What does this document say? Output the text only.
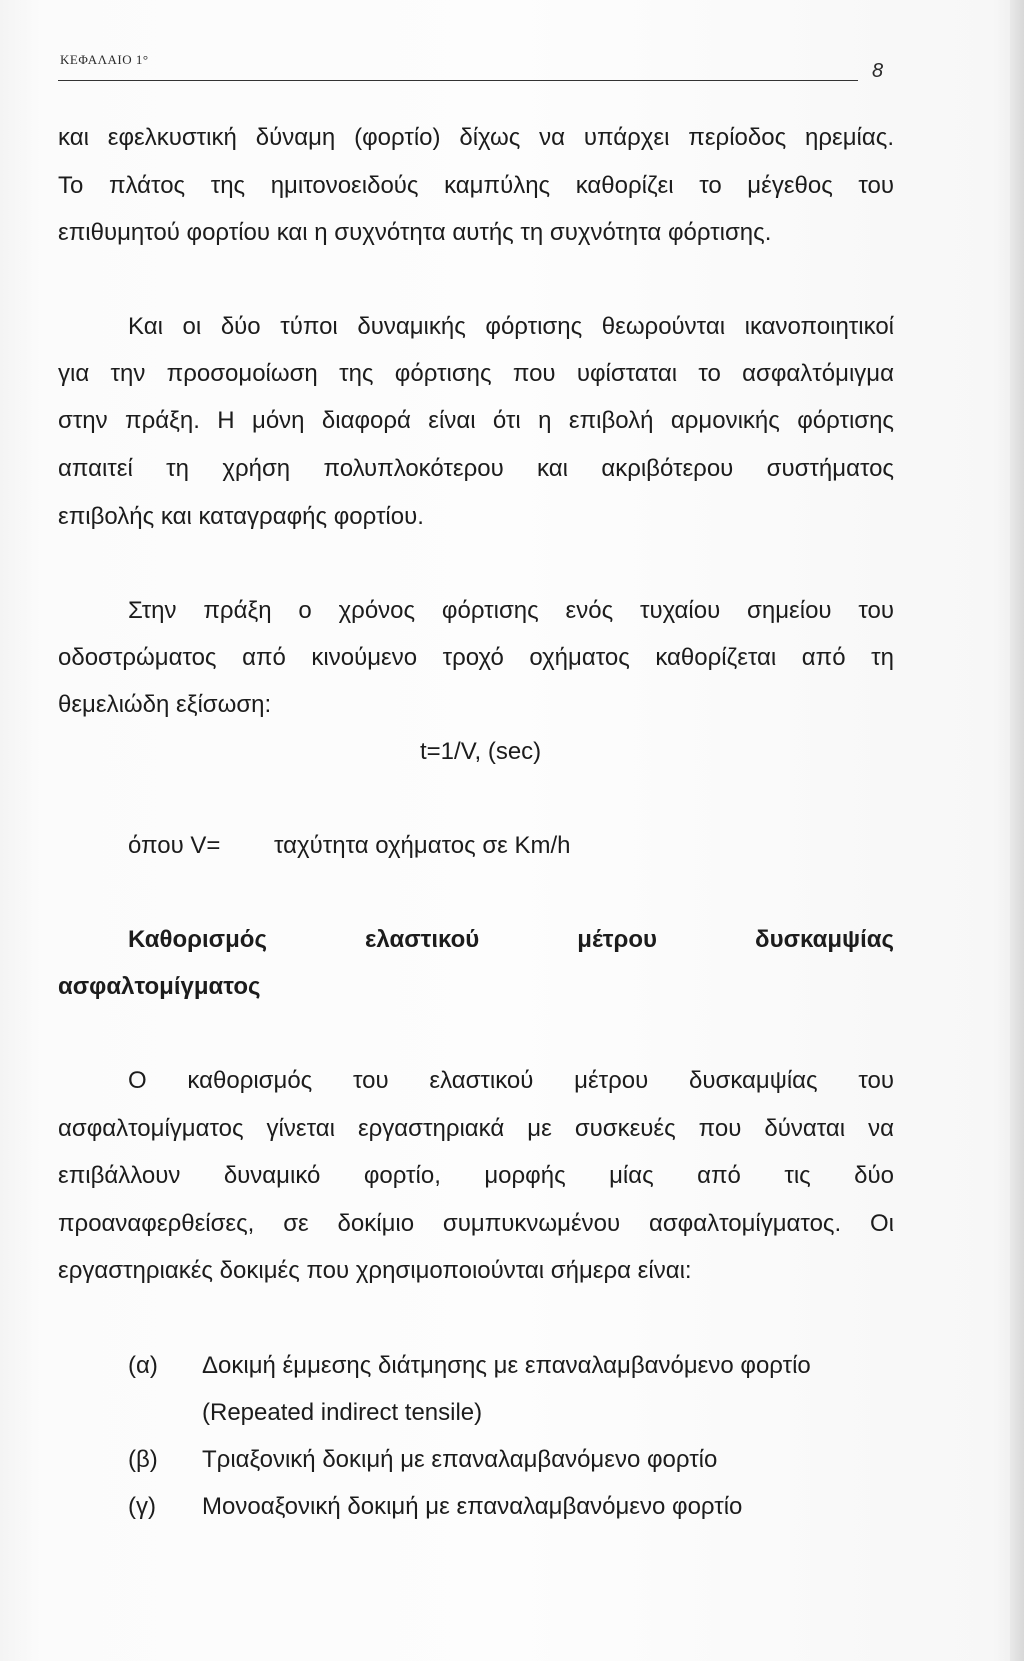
ΚΕΦΑΛΑΙΟ 1°
8
και εφελκυστική δύναμη (φορτίο) δίχως να υπάρχει περίοδος ηρεμίας.
Το πλάτος της ημιτονοειδούς καμπύλης καθορίζει το μέγεθος του
επιθυμητού φορτίου και η συχνότητα αυτής τη συχνότητα φόρτισης.
Και οι δύο τύποι δυναμικής φόρτισης θεωρούνται ικανοποιητικοί
για την προσομοίωση της φόρτισης που υφίσταται το ασφαλτόμιγμα
στην πράξη. Η μόνη διαφορά είναι ότι η επιβολή αρμονικής φόρτισης
απαιτεί τη χρήση πολυπλοκότερου και ακριβότερου συστήματος
επιβολής και καταγραφής φορτίου.
Στην πράξη ο χρόνος φόρτισης ενός τυχαίου σημείου του
οδοστρώματος από κινούμενο τροχό οχήματος καθορίζεται από τη
θεμελιώδη εξίσωση:
t=1/V, (sec)
όπου V= ταχύτητα οχήματος σε Km/h
Καθορισμός ελαστικού μέτρου δυσκαμψίας
ασφαλτομίγματος
Ο καθορισμός του ελαστικού μέτρου δυσκαμψίας του
ασφαλτομίγματος γίνεται εργαστηριακά με συσκευές που δύναται να
επιβάλλουν δυναμικό φορτίο, μορφής μίας από τις δύο
προαναφερθείσες, σε δοκίμιο συμπυκνωμένου ασφαλτομίγματος. Οι
εργαστηριακές δοκιμές που χρησιμοποιούνται σήμερα είναι:
(α) Δοκιμή έμμεσης διάτμησης με επαναλαμβανόμενο φορτίο
(Repeated indirect tensile)
(β) Τριαξονική δοκιμή με επαναλαμβανόμενο φορτίο
(γ) Μονοαξονική δοκιμή με επαναλαμβανόμενο φορτίο
